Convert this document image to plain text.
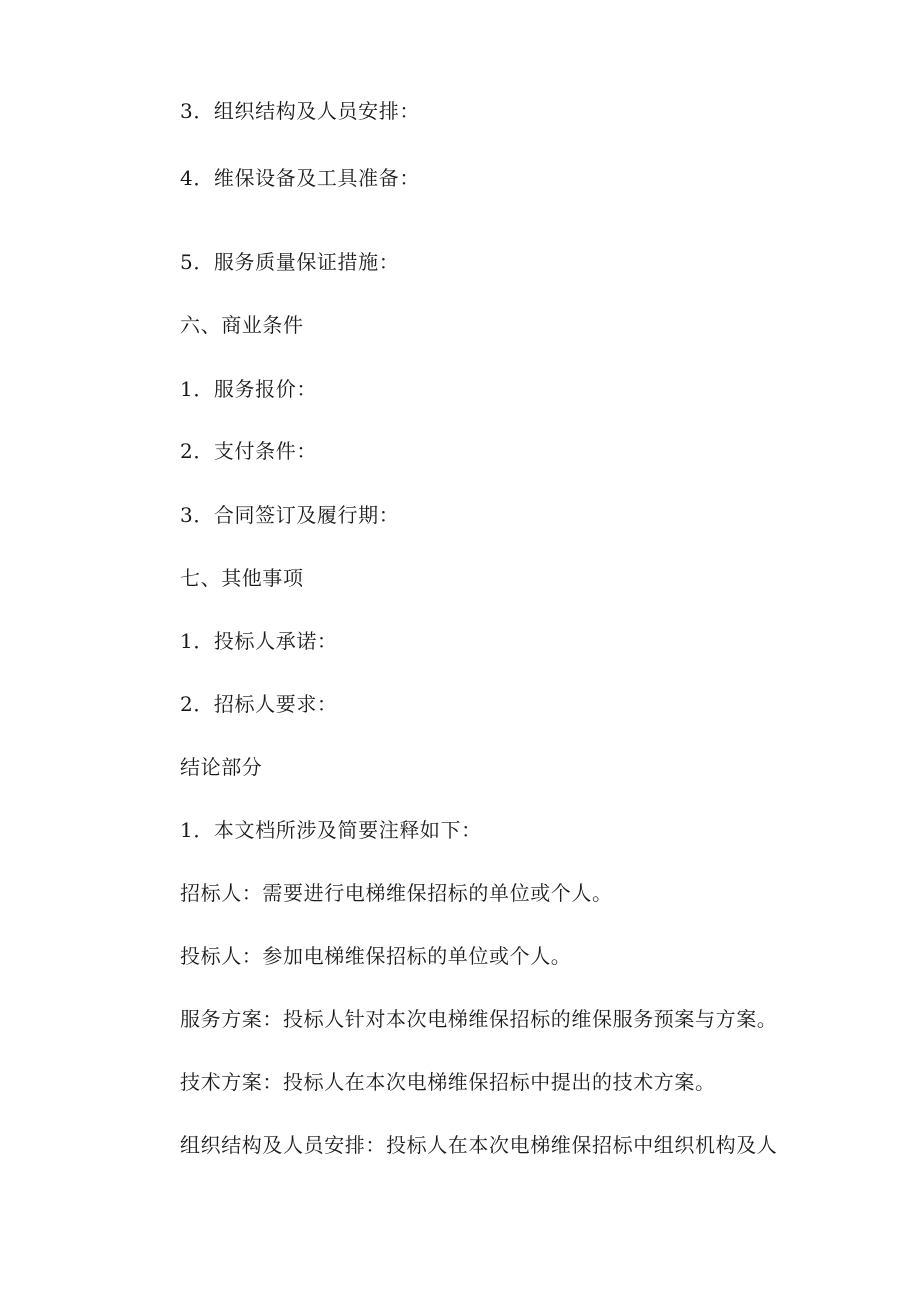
3．组织结构及人员安排：
4．维保设备及工具准备：
5．服务质量保证措施：
六、商业条件
1．服务报价：
2．支付条件：
3．合同签订及履行期：
七、其他事项
1．投标人承诺：
2．招标人要求：
结论部分
1．本文档所涉及简要注释如下：
招标人：需要进行电梯维保招标的单位或个人。
投标人：参加电梯维保招标的单位或个人。
服务方案：投标人针对本次电梯维保招标的维保服务预案与方案。
技术方案：投标人在本次电梯维保招标中提出的技术方案。
组织结构及人员安排：投标人在本次电梯维保招标中组织机构及人
